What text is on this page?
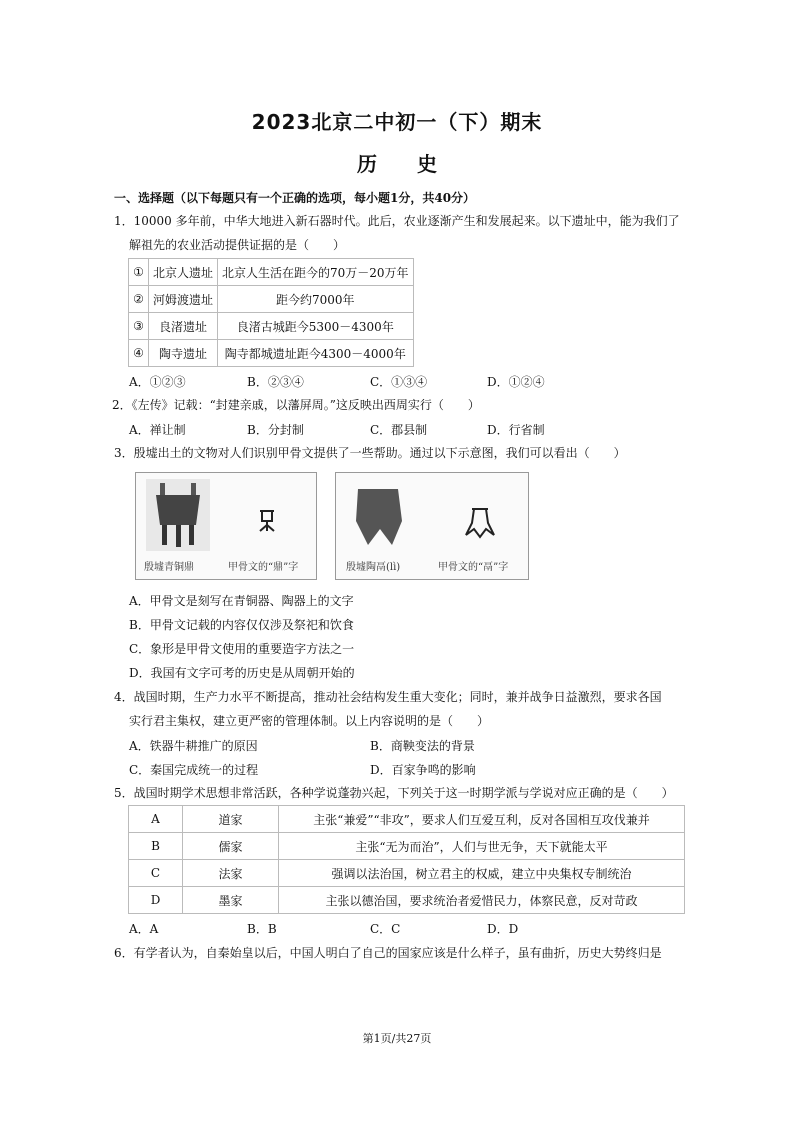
2023北京二中初一（下）期末
历 史
一、选择题（以下每题只有一个正确的选项，每小题1分，共40分）
1．10000 多年前，中华大地进入新石器时代。此后，农业逐渐产生和发展起来。以下遗址中，能为我们了
解祖先的农业活动提供证据的是（　　）
①	北京人遗址	北京人生活在距今的70万－20万年
②	河姆渡遗址	距今约7000年
③	良渚遗址	良渚古城距今5300－4300年
④	陶寺遗址	陶寺都城遗址距今4300－4000年
A．①②③	B．②③④	C．①③④	D．①②④
2．《左传》记载：“封建亲戚，以藩屏周。”这反映出西周实行（　　）
A．禅让制	B．分封制	C．郡县制	D．行省制
3．殷墟出土的文物对人们识别甲骨文提供了一些帮助。通过以下示意图，我们可以看出（　　）
殷墟青铜鼎	甲骨文的“鼎”字	殷墟陶鬲(lì)	甲骨文的“鬲”字
A．甲骨文是刻写在青铜器、陶器上的文字
B．甲骨文记载的内容仅仅涉及祭祀和饮食
C．象形是甲骨文使用的重要造字方法之一
D．我国有文字可考的历史是从周朝开始的
4．战国时期，生产力水平不断提高，推动社会结构发生重大变化；同时，兼并战争日益激烈，要求各国
实行君主集权，建立更严密的管理体制。以上内容说明的是（　　）
A．铁器牛耕推广的原因	B．商鞅变法的背景
C．秦国完成统一的过程	D．百家争鸣的影响
5．战国时期学术思想非常活跃，各种学说蓬勃兴起，下列关于这一时期学派与学说对应正确的是（　　）
A	道家	主张“兼爱”“非攻”，要求人们互爱互利，反对各国相互攻伐兼并
B	儒家	主张“无为而治”，人们与世无争，天下就能太平
C	法家	强调以法治国，树立君主的权威，建立中央集权专制统治
D	墨家	主张以德治国，要求统治者爱惜民力，体察民意，反对苛政
A．A	B．B	C．C	D．D
6．有学者认为，自秦始皇以后，中国人明白了自己的国家应该是什么样子，虽有曲折，历史大势终归是
第1页/共27页
